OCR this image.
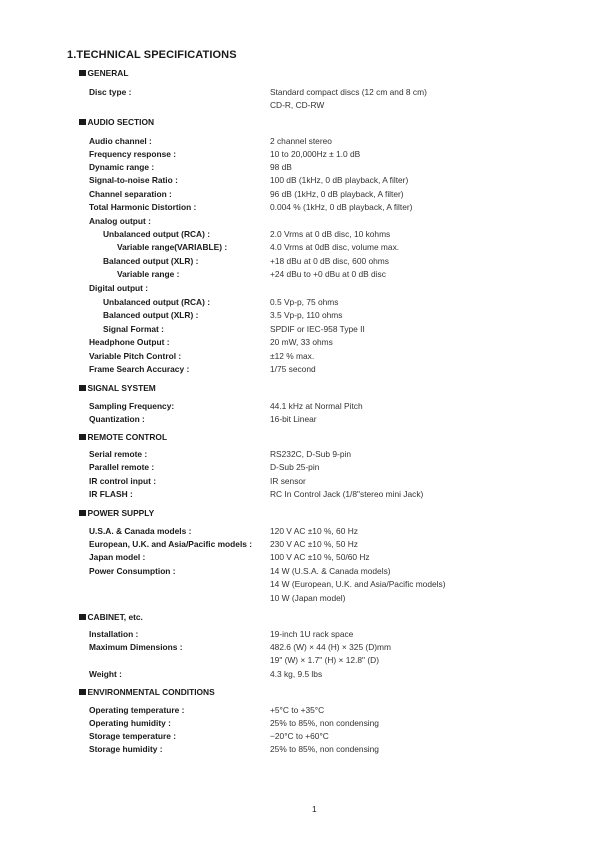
1.TECHNICAL SPECIFICATIONS
GENERAL
Disc type :	Standard compact discs (12 cm and 8 cm)
CD-R, CD-RW
AUDIO SECTION
Audio channel :	2 channel stereo
Frequency response :	10 to 20,000Hz ± 1.0 dB
Dynamic range :	98 dB
Signal-to-noise Ratio :	100 dB (1kHz, 0 dB playback, A filter)
Channel separation :	96 dB (1kHz, 0 dB playback, A filter)
Total Harmonic Distortion :	0.004 % (1kHz, 0 dB playback, A filter)
Analog output :
Unbalanced output (RCA) :	2.0 Vrms at 0 dB disc, 10 kohms
Variable range(VARIABLE) :	4.0 Vrms at 0dB disc, volume max.
Balanced output (XLR) :	+18 dBu at 0 dB disc, 600 ohms
Variable range :	+24 dBu to +0 dBu at 0 dB disc
Digital output :
Unbalanced output (RCA) :	0.5 Vp-p, 75 ohms
Balanced output (XLR) :	3.5 Vp-p, 110 ohms
Signal Format :	SPDIF or IEC-958 Type II
Headphone Output :	20 mW, 33 ohms
Variable Pitch Control :	±12 % max.
Frame Search Accuracy :	1/75 second
SIGNAL SYSTEM
Sampling Frequency:	44.1 kHz at Normal Pitch
Quantization :	16-bit Linear
REMOTE CONTROL
Serial remote :	RS232C, D-Sub 9-pin
Parallel remote :	D-Sub 25-pin
IR control input :	IR sensor
IR FLASH :	RC In Control Jack (1/8"stereo mini Jack)
POWER SUPPLY
U.S.A. & Canada models :	120 V AC ±10 %, 60 Hz
European, U.K. and Asia/Pacific models : 230 V AC ±10 %, 50 Hz
Japan model :	100 V AC ±10 %, 50/60 Hz
Power Consumption :	14 W (U.S.A. & Canada models)
14 W (European, U.K. and Asia/Pacific models)
10 W (Japan model)
CABINET, etc.
Installation :	19-inch 1U rack space
Maximum Dimensions :	482.6 (W) × 44 (H) × 325 (D)mm
19" (W) × 1.7" (H) × 12.8" (D)
Weight :	4.3 kg, 9.5 lbs
ENVIRONMENTAL CONDITIONS
Operating temperature :	+5°C to +35°C
Operating humidity :	25% to 85%, non condensing
Storage temperature :	−20°C to +60°C
Storage humidity :	25% to 85%, non condensing
1
